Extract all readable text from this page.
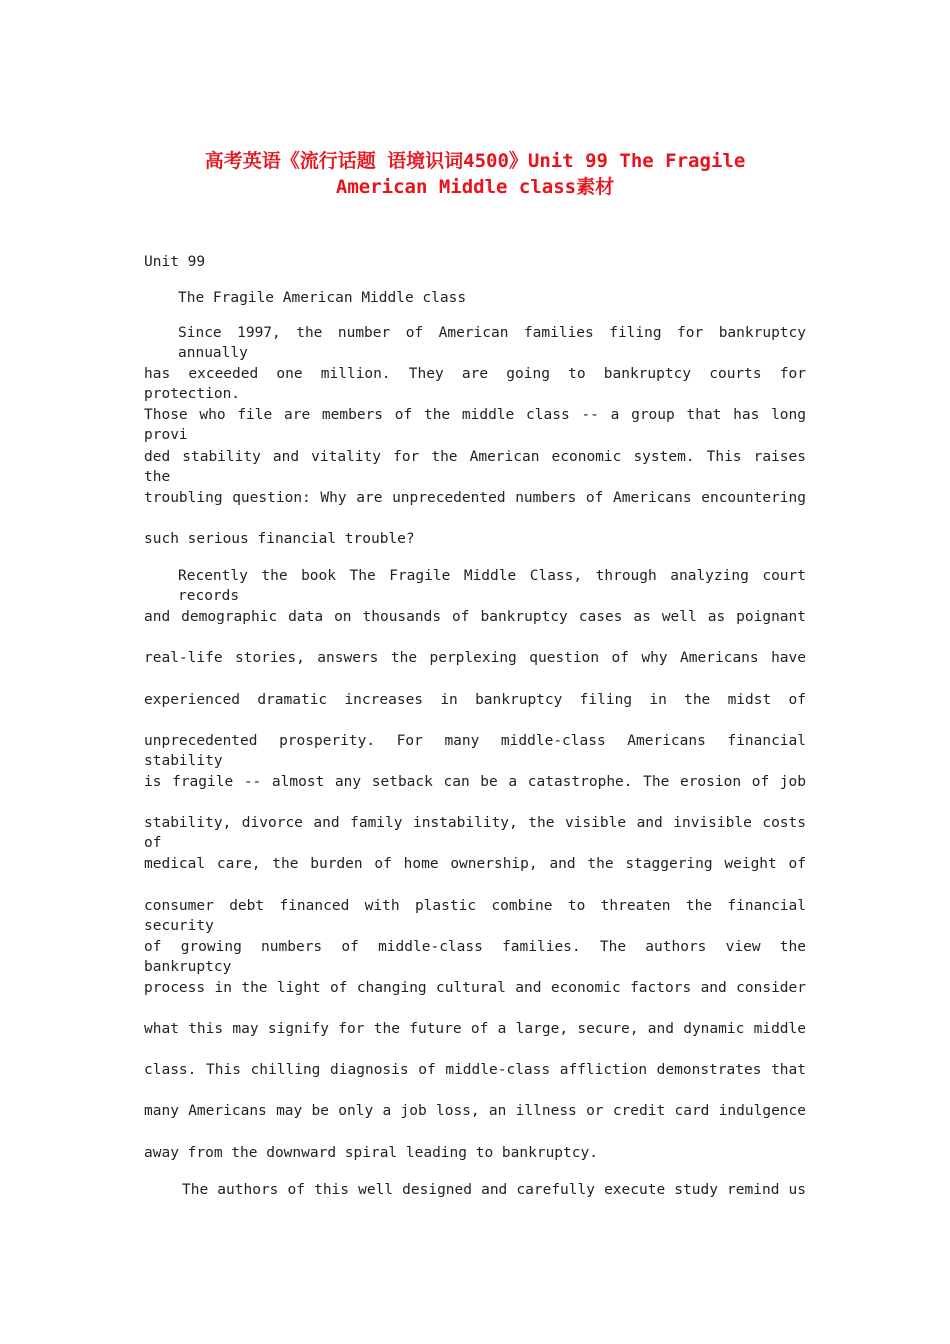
高考英语《流行话题 语境识词4500》Unit 99 The Fragile
American Middle class素材
Unit 99
The Fragile American Middle class
Since 1997, the number of American families filing for bankruptcy annually
has exceeded one million. They are going to bankruptcy courts for protection.
Those who file are members of the middle class -- a group that has long provi
ded stability and vitality for the American economic system. This raises the
troubling question: Why are unprecedented numbers of Americans encountering
such serious financial trouble?
Recently the book The Fragile Middle Class, through analyzing court records
and demographic data on thousands of bankruptcy cases as well as poignant
real-life stories, answers the perplexing question of why Americans have
experienced dramatic increases in bankruptcy filing in the midst of
unprecedented prosperity. For many middle-class Americans financial stability
is fragile -- almost any setback can be a catastrophe. The erosion of job
stability, divorce and family instability, the visible and invisible costs of
medical care, the burden of home ownership, and the staggering weight of
consumer debt financed with plastic combine to threaten the financial security
of growing numbers of middle-class families. The authors view the bankruptcy
process in the light of changing cultural and economic factors and consider
what this may signify for the future of a large, secure, and dynamic middle
class. This chilling diagnosis of middle-class affliction demonstrates that
many Americans may be only a job loss, an illness or credit card indulgence
away from the downward spiral leading to bankruptcy.
The authors of this well designed and carefully execute study remind us
